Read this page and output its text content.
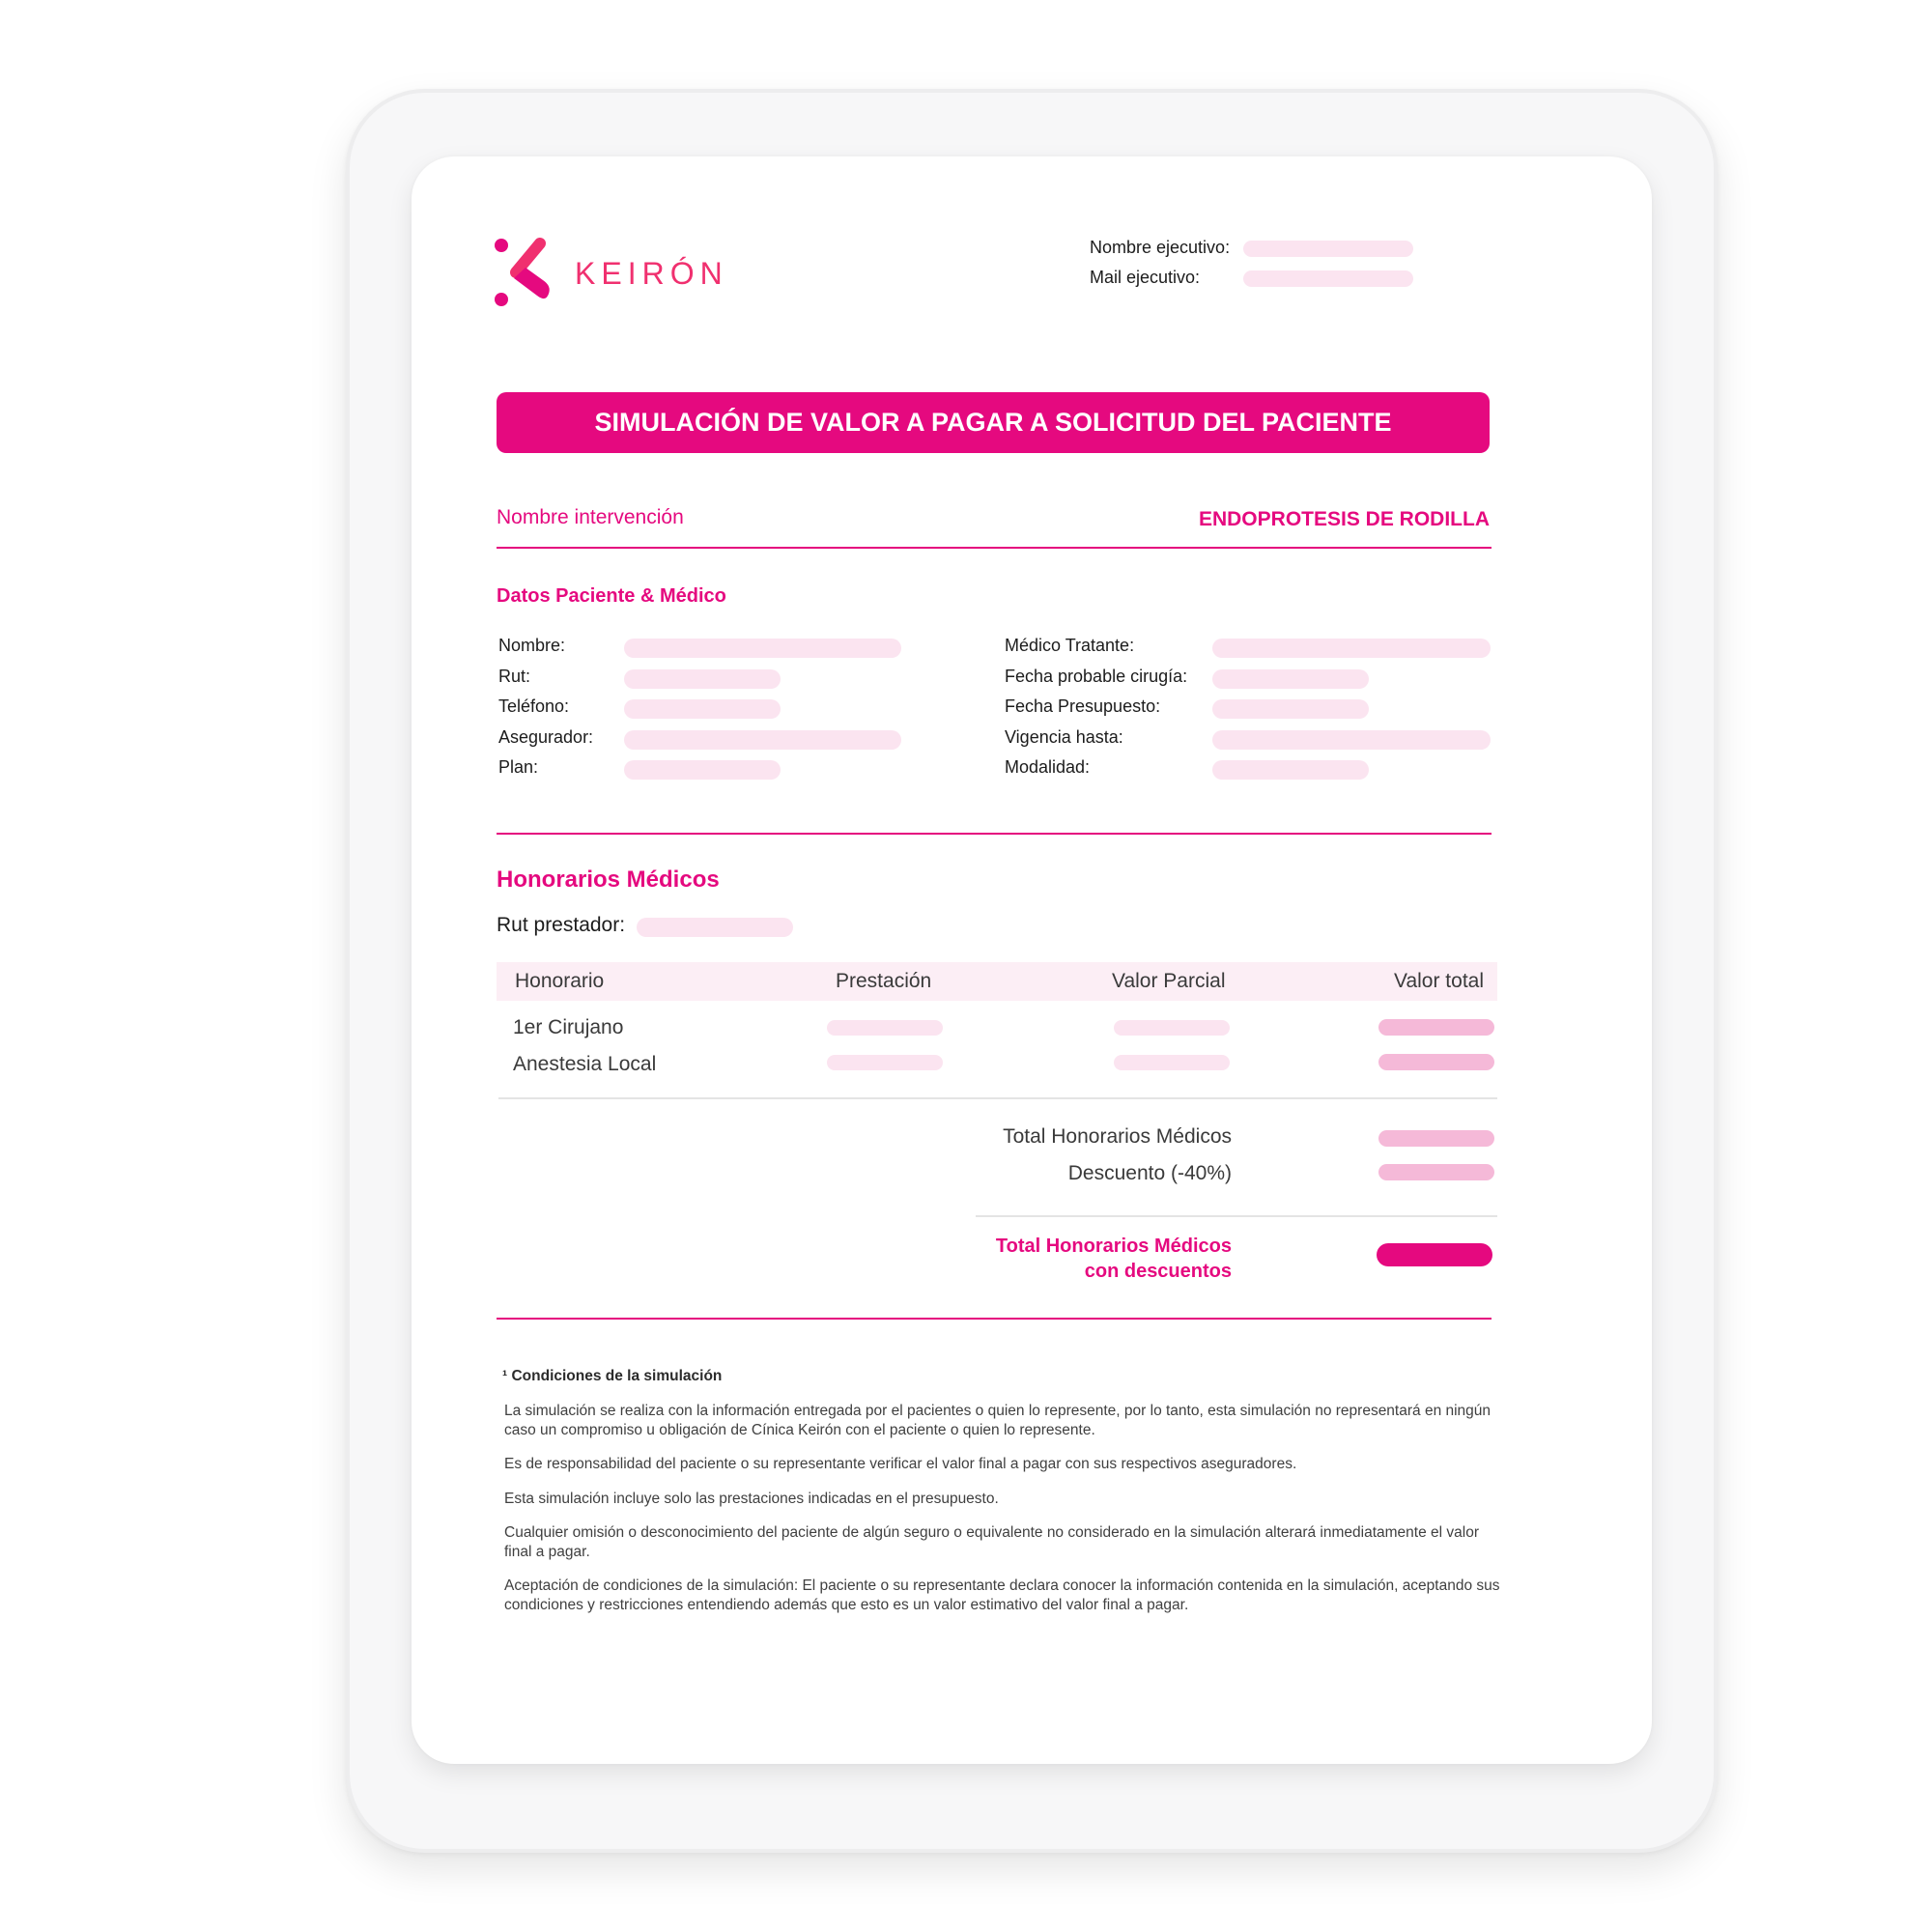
KEIRÓN
Nombre ejecutivo:
Mail ejecutivo:
SIMULACIÓN DE VALOR A PAGAR A SOLICITUD DEL PACIENTE
Nombre intervención	ENDOPROTESIS DE RODILLA
Datos Paciente & Médico
Nombre:
Rut:
Teléfono:
Asegurador:
Plan:
Médico Tratante:
Fecha probable cirugía:
Fecha Presupuesto:
Vigencia hasta:
Modalidad:
Honorarios Médicos
Rut prestador:
Honorario	Prestación	Valor Parcial	Valor total
1er Cirujano
Anestesia Local
Total Honorarios Médicos
Descuento (-40%)
Total Honorarios Médicos
con descuentos
¹ Condiciones de la simulación
La simulación se realiza con la información entregada por el pacientes o quien lo represente, por lo tanto, esta simulación no representará en ningún caso un compromiso u obligación de Cínica Keirón con el paciente o quien lo represente.
Es de responsabilidad del paciente o su representante verificar el valor final a pagar con sus respectivos aseguradores.
Esta simulación incluye solo las prestaciones indicadas en el presupuesto.
Cualquier omisión o desconocimiento del paciente de algún seguro o equivalente no considerado en la simulación alterará inmediatamente el valor final a pagar.
Aceptación de condiciones de la simulación: El paciente o su representante declara conocer la información contenida en la simulación, aceptando sus condiciones y restricciones entendiendo además que esto es un valor estimativo del valor final a pagar.
